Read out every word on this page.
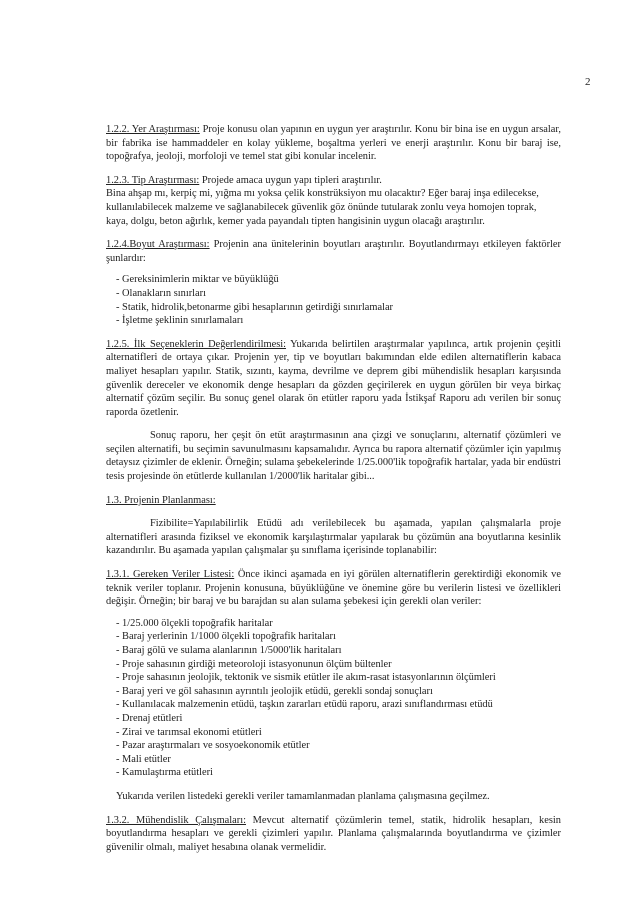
2

1.2.2. Yer Araştırması: Proje konusu olan yapının en uygun yer araştırılır. Konu bir bina ise en uygun arsalar, bir fabrika ise hammaddeler en kolay yükleme, boşaltma yerleri ve enerji araştırılır. Konu bir baraj ise, topoğrafya, jeoloji, morfoloji ve temel stat gibi konular incelenir.

1.2.3. Tip Araştırması: Projede amaca uygun yapı tipleri araştırılır.

Bina ahşap mı, kerpiç mi, yığma mı yoksa çelik konstrüksiyon mu olacaktır? Eğer baraj inşa edilecekse, kullanılabilecek malzeme ve sağlanabilecek güvenlik göz önünde tutularak zonlu veya homojen toprak, kaya, dolgu, beton ağırlık, kemer yada payandalı tipten hangisinin uygun olacağı araştırılır.

1.2.4.Boyut Araştırması: Projenin ana ünitelerinin boyutları araştırılır. Boyutlandırmayı etkileyen faktörler şunlardır:

- Gereksinimlerin miktar ve büyüklüğü
- Olanakların sınırları
- Statik, hidrolik,betonarme gibi hesaplarının getirdiği sınırlamalar
- İşletme şeklinin sınırlamaları

1.2.5. İlk Seçeneklerin Değerlendirilmesi: Yukarıda belirtilen araştırmalar yapılınca, artık projenin çeşitli alternatifleri de ortaya çıkar. Projenin yer, tip ve boyutları bakımından elde edilen alternatiflerin kabaca maliyet hesapları yapılır. Statik, sızıntı, kayma, devrilme ve deprem gibi mühendislik hesapları karşısında güvenlik dereceler ve ekonomik denge hesapları da gözden geçirilerek en uygun görülen bir veya birkaç alternatif çözüm seçilir. Bu sonuç genel olarak ön etütler raporu yada İstikşaf Raporu adı verilen bir sonuç raporda özetlenir.

Sonuç raporu, her çeşit ön etüt araştırmasının ana çizgi ve sonuçlarını, alternatif çözümleri ve seçilen alternatifi, bu seçimin savunulmasını kapsamalıdır. Ayrıca bu rapora alternatif çözümler için yapılmış detaysız çizimler de eklenir. Örneğin; sulama şebekelerinde 1/25.000'lik topoğrafik hartalar, yada bir endüstri tesis projesinde ön etütlerde kullanılan 1/2000'lik haritalar gibi...

1.3. Projenin Planlanması:

Fizibilite=Yapılabilirlik Etüdü adı verilebilecek bu aşamada, yapılan çalışmalarla proje alternatifleri arasında fiziksel ve ekonomik karşılaştırmalar yapılarak bu çözümün ana boyutlarına kesinlik kazandırılır. Bu aşamada yapılan çalışmalar şu sınıflama içerisinde toplanabilir:

1.3.1. Gereken Veriler Listesi: Önce ikinci aşamada en iyi görülen alternatiflerin gerektirdiği ekonomik ve teknik veriler toplanır. Projenin konusuna, büyüklüğüne ve önemine göre bu verilerin listesi ve özellikleri değişir. Örneğin; bir baraj ve bu barajdan su alan sulama şebekesi için gerekli olan veriler:

- 1/25.000 ölçekli topoğrafik haritalar
- Baraj yerlerinin 1/1000 ölçekli topoğrafik haritaları
- Baraj gölü ve sulama alanlarının 1/5000'lik haritaları
- Proje sahasının girdiği meteoroloji istasyonunun ölçüm bültenler
- Proje sahasının jeolojik, tektonik ve sismik etütler ile akım-rasat istasyonlarının ölçümleri
- Baraj yeri ve göl sahasının ayrıntılı jeolojik etüdü, gerekli sondaj sonuçları
- Kullanılacak malzemenin etüdü, taşkın zararları etüdü raporu, arazi sınıflandırması etüdü
- Drenaj etütleri
- Zirai ve tarımsal ekonomi etütleri
- Pazar araştırmaları ve sosyoekonomik etütler
- Mali etütler
- Kamulaştırma etütleri

Yukarıda verilen listedeki gerekli veriler tamamlanmadan planlama çalışmasına geçilmez.

1.3.2. Mühendislik Çalışmaları: Mevcut alternatif çözümlerin temel, statik, hidrolik hesapları, kesin boyutlandırma hesapları ve gerekli çizimleri yapılır. Planlama çalışmalarında boyutlandırma ve çizimler güvenilir olmalı, maliyet hesabına olanak vermelidir.
